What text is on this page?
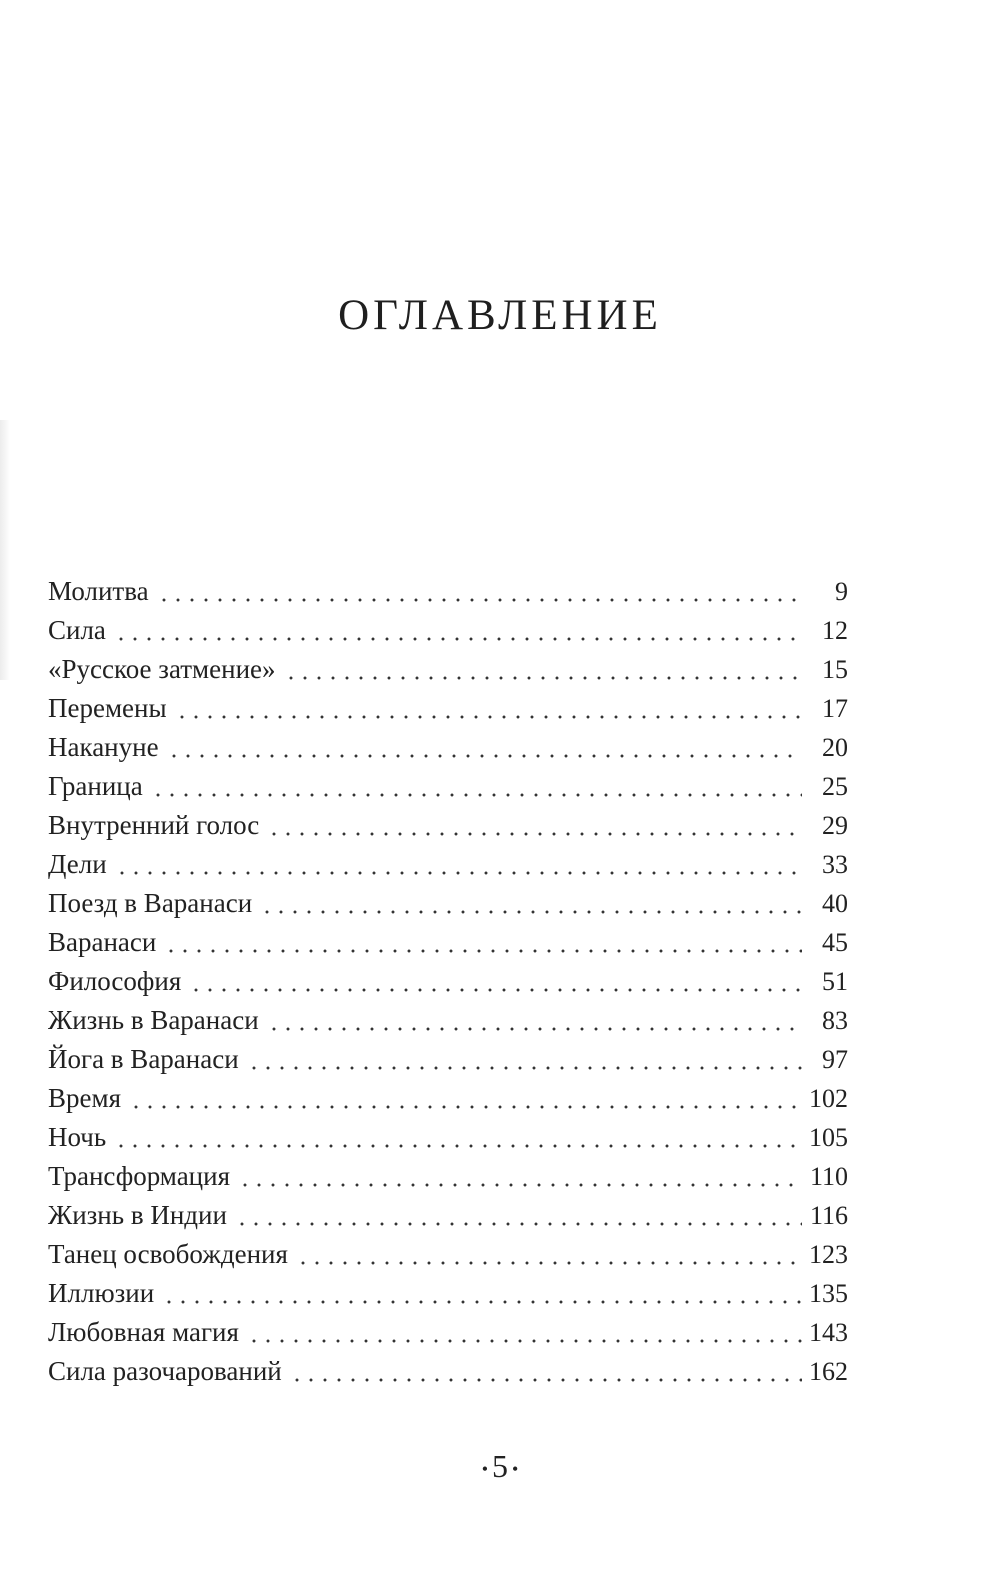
ОГЛАВЛЕНИЕ
Молитва	9
Сила	12
«Русское затмение»	15
Перемены	17
Накануне	20
Граница	25
Внутренний голос	29
Дели	33
Поезд в Варанаси	40
Варанаси	45
Философия	51
Жизнь в Варанаси	83
Йога в Варанаси	97
Время	102
Ночь	105
Трансформация	110
Жизнь в Индии	116
Танец освобождения	123
Иллюзии	135
Любовная магия	143
Сила разочарований	162
• 5 •
